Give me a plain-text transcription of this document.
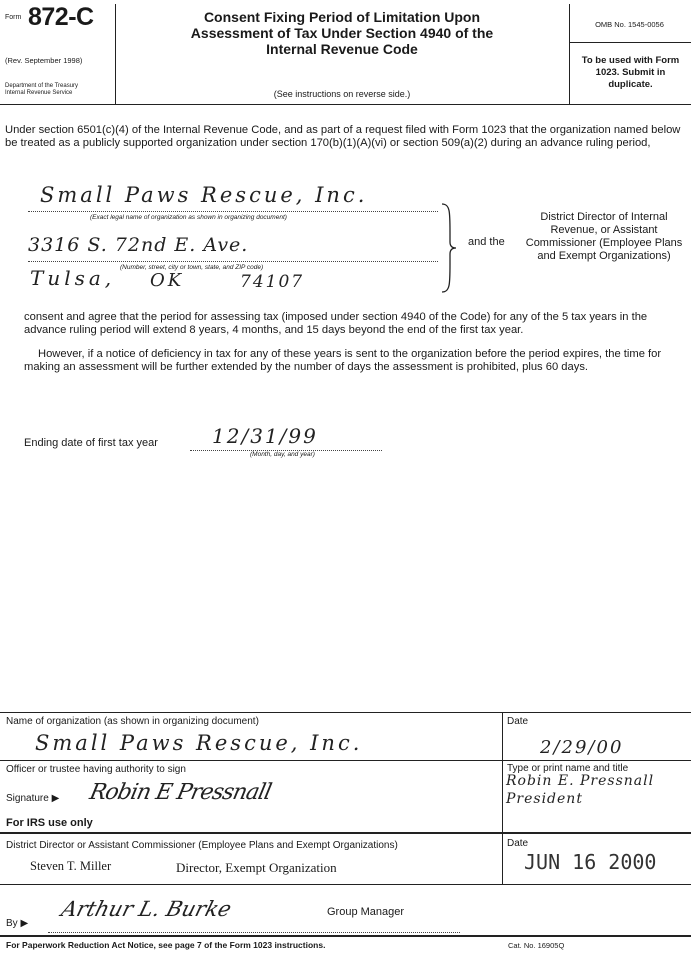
Form 872-C
(Rev. September 1998)
Department of the Treasury
Internal Revenue Service
Consent Fixing Period of Limitation Upon
Assessment of Tax Under Section 4940 of the
Internal Revenue Code
(See instructions on reverse side.)
OMB No. 1545-0056
To be used with Form 1023. Submit in duplicate.
Under section 6501(c)(4) of the Internal Revenue Code, and as part of a request filed with Form 1023 that the organization named below be treated as a publicly supported organization under section 170(b)(1)(A)(vi) or section 509(a)(2) during an advance ruling period,
Small Paws Rescue, Inc.
(Exact legal name of organization as shown in organizing document)
3316 S. 72nd E. Ave.
(Number, street, city or town, state, and ZIP code)
Tulsa, OK	74107
and the
District Director of Internal Revenue, or Assistant Commissioner (Employee Plans and Exempt Organizations)
consent and agree that the period for assessing tax (imposed under section 4940 of the Code) for any of the 5 tax years in the advance ruling period will extend 8 years, 4 months, and 15 days beyond the end of the first tax year.
However, if a notice of deficiency in tax for any of these years is sent to the organization before the period expires, the time for making an assessment will be further extended by the number of days the assessment is prohibited, plus 60 days.
Ending date of first tax year	12/31/99
(Month, day, and year)
Name of organization (as shown in organizing document)
Small Paws Rescue, Inc.
Date
2/29/00
Officer or trustee having authority to sign	Type or print name and title
Robin E. Pressnall
President
Signature ▶ Robin E Pressnall
For IRS use only
District Director or Assistant Commissioner (Employee Plans and Exempt Organizations)
Steven T. Miller	Director, Exempt Organization
Date
JUN 16 2000
By ▶
Arthur L. Burke	Group Manager
For Paperwork Reduction Act Notice, see page 7 of the Form 1023 instructions.	Cat. No. 16905Q
